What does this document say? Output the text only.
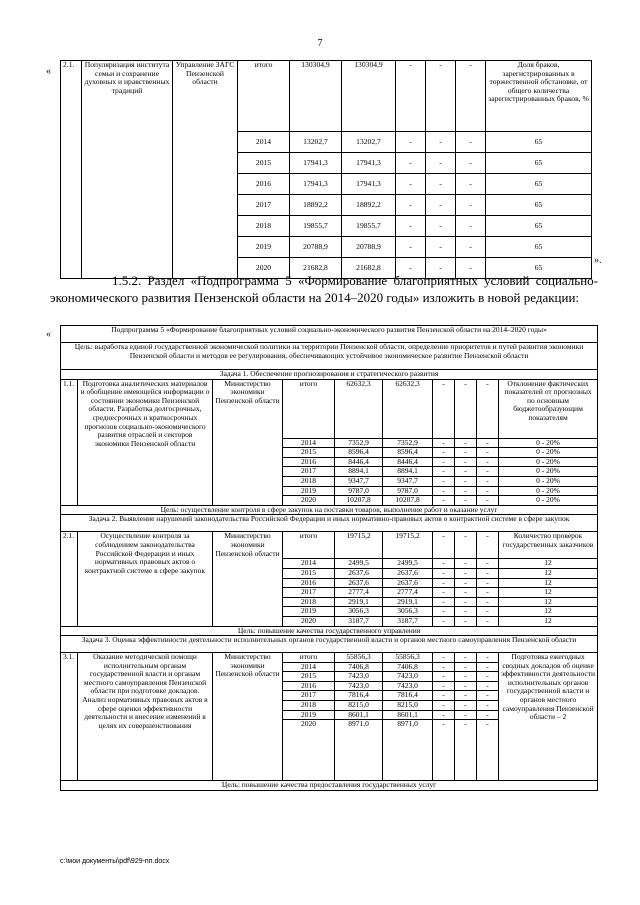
7
«
2.1.	Популяризация института семьи и сохранение духовных и нравственных традиций	Управление ЗАГС Пензенской области	итого	130304,9	130304,9	-	-	-	Доля браков, зарегистрированных в торжественной обстановке, от общего количества зарегистрированных браков, %
			2014	13202,7	13202,7	-	-	-	65
			2015	17941,3	17941,3	-	-	-	65
			2016	17941,3	17941,3	-	-	-	65
			2017	18892,2	18892,2	-	-	-	65
			2018	19855,7	19855,7	-	-	-	65
			2019	20788,9	20788,9	-	-	-	65
			2020	21682,8	21682,8	-	-	-	65
».
1.5.2. Раздел «Подпрограмма 5 «Формирование благоприятных условий социально-экономического развития Пензенской области на 2014–2020 годы» изложить в новой редакции:
«	Подпрограмма 5 «Формирование благоприятных условий социально-экономического развития Пензенской области на 2014–2020 годы»									
Цель: выработка единой государственной экономической политики на территории Пензенской области, определение приоритетов и путей развития экономики Пензенской области и методов ее регулирования, обеспечивающих устойчивое экономическое развитие Пензенской области									
Задача 1. Обеспечение прогнозирования и стратегического развития									
1.1.	Подготовка аналитических материалов и обобщение имеющейся информации о состоянии экономики Пензенской области. Разработка долгосрочных, среднесрочных и краткосрочных прогнозов социально-экономического развития отраслей и секторов экономики Пензенской области	Министерство экономики Пензенской области	итого	62632,3	62632,3	-	-	-	Отклонение фактических показателей от прогнозных по основным бюджетообразующим показателям
			2014	7352,9	7352,9	-	-	-	0 - 20%
			2015	8596,4	8596,4	-	-	-	0 - 20%
			2016	8446,4	8446,4	-	-	-	0 - 20%
			2017	8894,1	8894,1	-	-	-	0 - 20%
			2018	9347,7	9347,7	-	-	-	0 - 20%
			2019	9787,0	9787,0	-	-	-	0 - 20%
			2020	10207,8	10207,8	-	-	-	0 - 20%
Цель: осуществление контроля в сфере закупок на поставки товаров, выполнение работ и оказание услуг									
Задача 2. Выявление нарушений законодательства Российской Федерации и иных нормативно-правовых актов о контрактной системе в сфере закупок									
2.1.	Осуществление контроля за соблюдением законодательства Российской Федерации и иных нормативных правовых актов о контрактной системе в сфере закупок	Министерство экономики Пензенской области	итого	19715,2	19715,2	-	-	-	Количество проверок государственных заказчиков
			2014	2499,5	2499,5	-	-	-	12
			2015	2637,6	2637,6	-	-	-	12
			2016	2637,6	2637,6	-	-	-	12
			2017	2777,4	2777,4	-	-	-	12
			2018	2919,1	2919,1	-	-	-	12
			2019	3056,3	3056,3	-	-	-	12
			2020	3187,7	3187,7	-	-	-	12
Цель: повышение качества государственного управления									
Задача 3. Оценка эффективности деятельности исполнительных органов государственной власти и органов местного самоуправления Пензенской области									
3.1.	Оказание методической помощи исполнительным органам государственной власти и органам местного самоуправления Пензенской области при подготовке докладов. Анализ нормативных правовых актов в сфере оценки эффективности деятельности и внесение изменений в целях их совершенствования	Министерство экономики Пензенской области	итого	55856,3	55856,3	-	-	-	Подготовка ежегодных сводных докладов об оценке эффективности деятельности исполнительных органов государственной власти и органов местного самоуправления Пензенской области – 2
			2014	7406,8	7406,8	-	-	-	
			2015	7423,0	7423,0	-	-	-	
			2016	7423,0	7423,0	-	-	-	
			2017	7816,4	7816,4	-	-	-	
			2018	8215,0	8215,0	-	-	-	
			2019	8601,1	8601,1	-	-	-	
			2020	8971,0	8971,0	-	-	-	
Цель: повышение качества предоставления государственных услуг									
c:\мои документы\pdf\929-пп.docx
